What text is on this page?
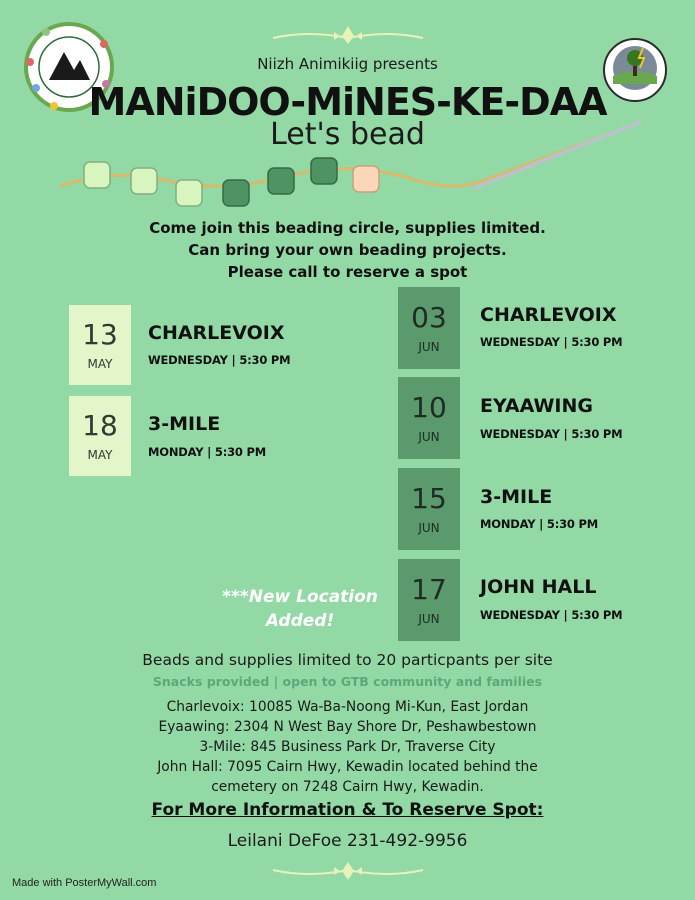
Niizh Animikiig presents
MANiDOO-MiNES-KE-DAA
Let's bead
Come join this beading circle, supplies limited.
Can bring your own beading projects.
Please call to reserve a spot
13
MAY
CHARLEVOIX
WEDNESDAY | 5:30 PM
18
MAY
3-MILE
MONDAY | 5:30 PM
03
JUN
CHARLEVOIX
WEDNESDAY | 5:30 PM
10
JUN
EYAAWING
WEDNESDAY | 5:30 PM
15
JUN
3-MILE
MONDAY | 5:30 PM
17
JUN
JOHN HALL
WEDNESDAY | 5:30 PM
***New Location
Added!
Beads and supplies limited to 20 particpants per site
Snacks provided | open to GTB community and families
Charlevoix: 10085 Wa-Ba-Noong Mi-Kun, East Jordan
Eyaawing: 2304 N West Bay Shore Dr, Peshawbestown
3-Mile: 845 Business Park Dr, Traverse City
John Hall: 7095 Cairn Hwy, Kewadin located behind the
cemetery on 7248 Cairn Hwy, Kewadin.
For More Information & To Reserve Spot:
Leilani DeFoe 231-492-9956
Made with PosterMyWall.com
